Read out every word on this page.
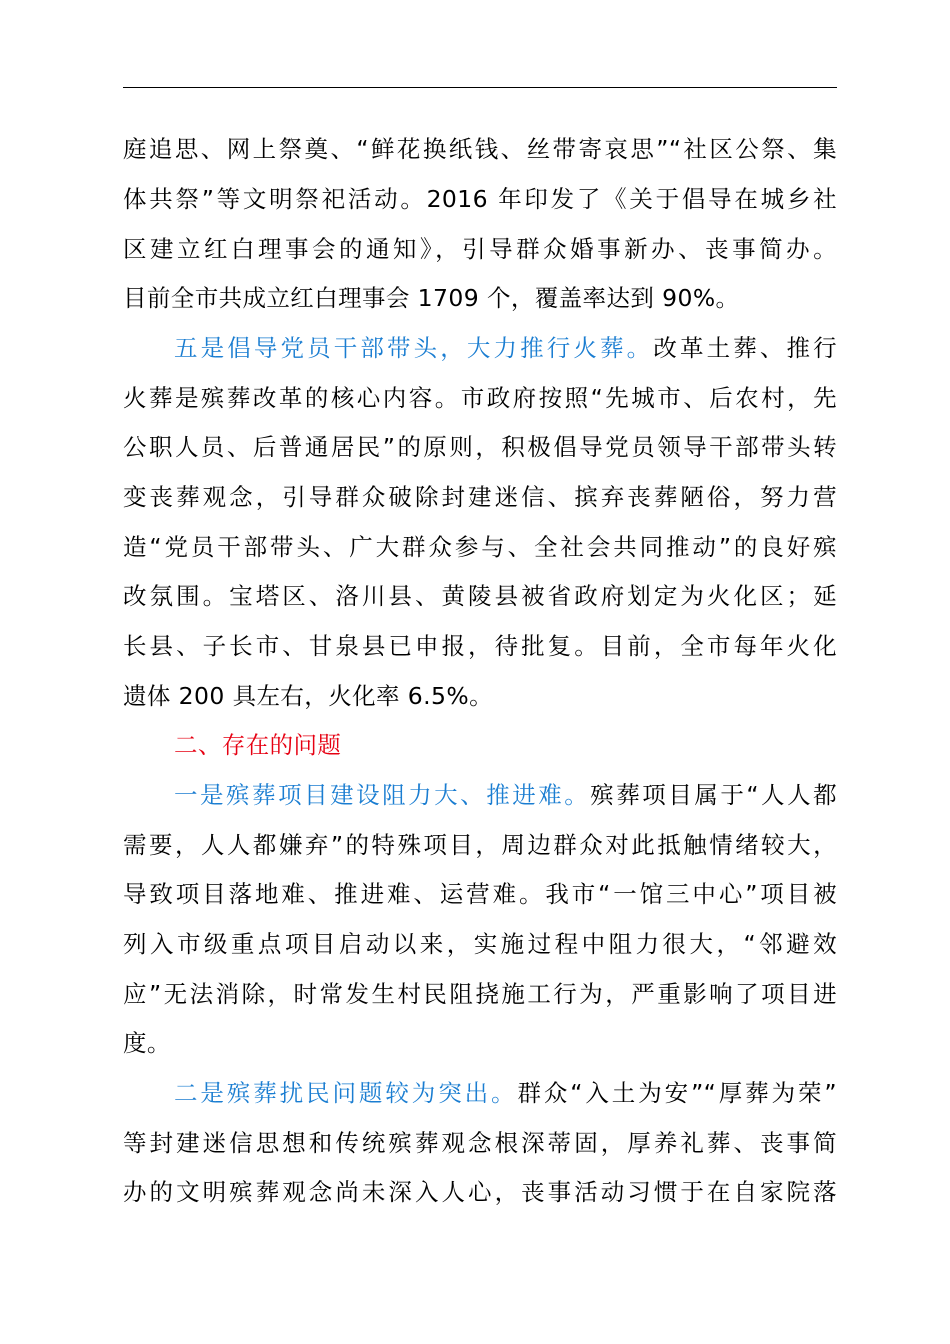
庭追思、网上祭奠、“鲜花换纸钱、丝带寄哀思”“社区公祭、集
体共祭”等文明祭祀活动。2016 年印发了《关于倡导在城乡社
区建立红白理事会的通知》，引导群众婚事新办、丧事简办。
目前全市共成立红白理事会 1709 个，覆盖率达到 90%。
五是倡导党员干部带头，大力推行火葬。改革土葬、推行
火葬是殡葬改革的核心内容。市政府按照“先城市、后农村，先
公职人员、后普通居民”的原则，积极倡导党员领导干部带头转
变丧葬观念，引导群众破除封建迷信、摈弃丧葬陋俗，努力营
造“党员干部带头、广大群众参与、全社会共同推动”的良好殡
改氛围。宝塔区、洛川县、黄陵县被省政府划定为火化区；延
长县、子长市、甘泉县已申报，待批复。目前，全市每年火化
遗体 200 具左右，火化率 6.5%。
二、存在的问题
一是殡葬项目建设阻力大、推进难。殡葬项目属于“人人都
需要，人人都嫌弃”的特殊项目，周边群众对此抵触情绪较大，
导致项目落地难、推进难、运营难。我市“一馆三中心”项目被
列入市级重点项目启动以来，实施过程中阻力很大，“邻避效
应”无法消除，时常发生村民阻挠施工行为，严重影响了项目进
度。
二是殡葬扰民问题较为突出。群众“入土为安”“厚葬为荣”
等封建迷信思想和传统殡葬观念根深蒂固，厚养礼葬、丧事简
办的文明殡葬观念尚未深入人心，丧事活动习惯于在自家院落
